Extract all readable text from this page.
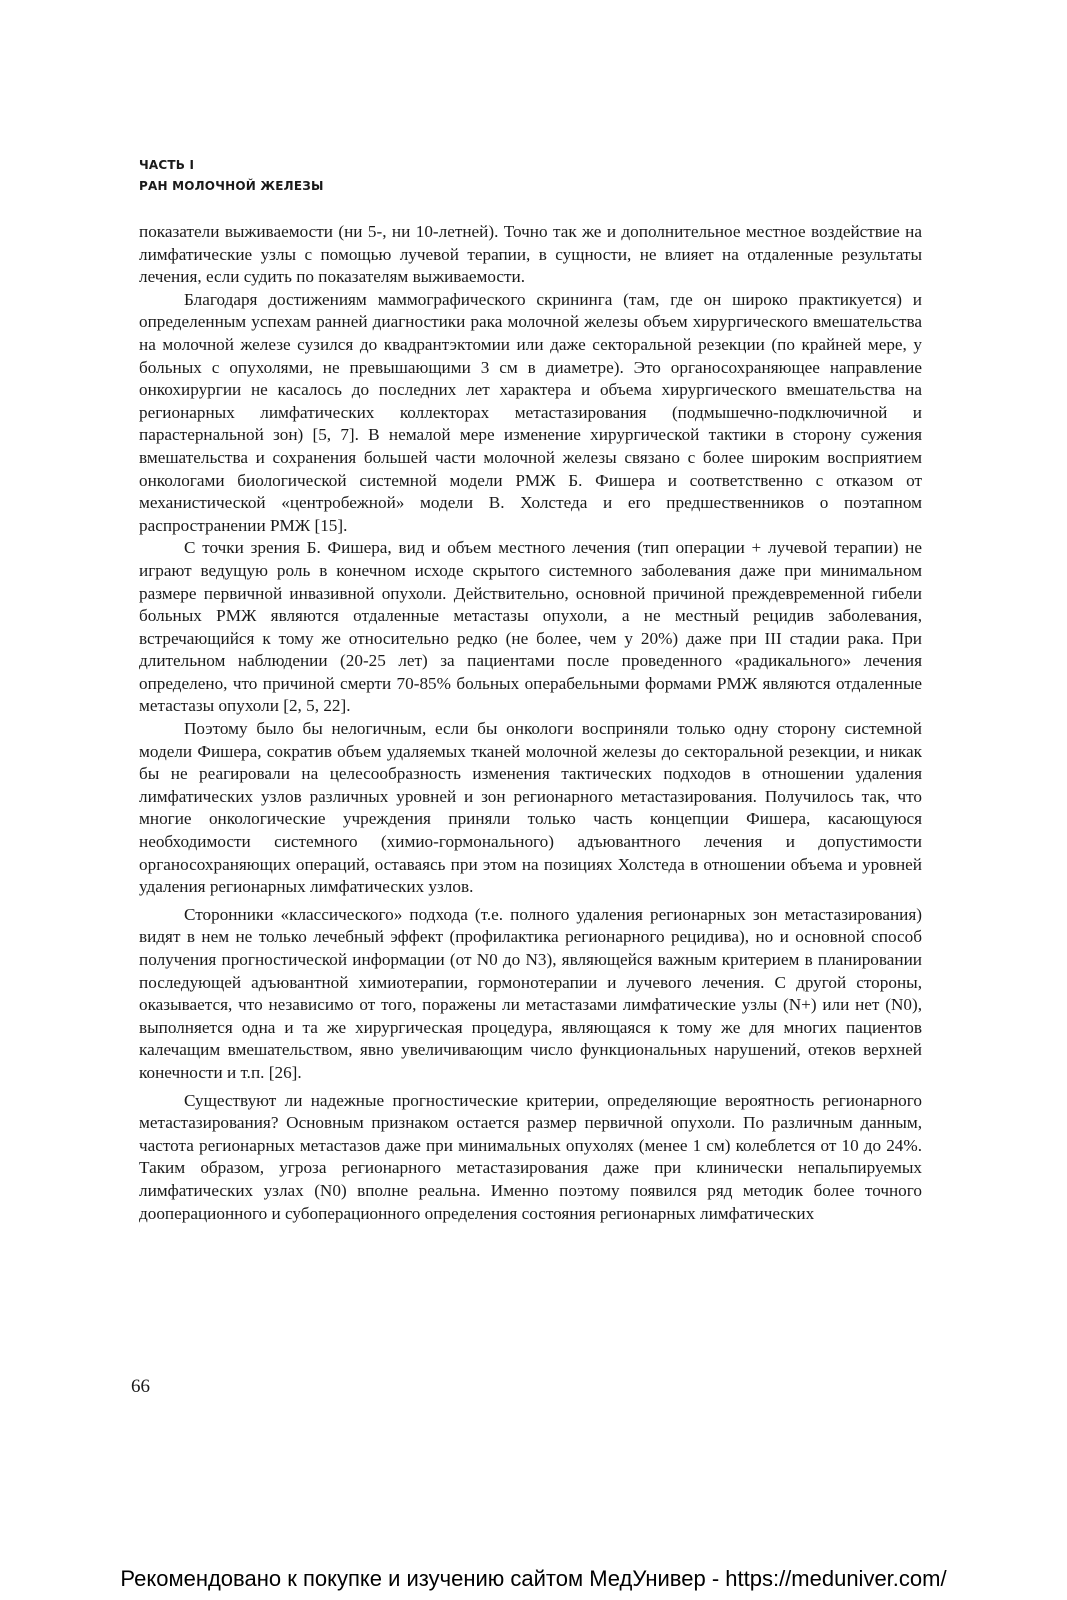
ЧАСТЬ I
РАН МОЛОЧНОЙ ЖЕЛЕЗЫ

показатели выживаемости (ни 5-, ни 10-летней). Точно так же и дополнительное местное воздействие на лимфатические узлы с помощью лучевой терапии, в сущности, не влияет на отдаленные результаты лечения, если судить по показателям выживаемости.

Благодаря достижениям маммографического скрининга (там, где он широко практикуется) и определенным успехам ранней диагностики рака молочной железы объем хирургического вмешательства на молочной железе сузился до квадрантэктомии или даже секторальной резекции (по крайней мере, у больных с опухолями, не превышающими 3 см в диаметре). Это органосохраняющее направление онкохирургии не касалось до последних лет характера и объема хирургического вмешательства на регионарных лимфатических коллекторах метастазирования (подмышечно-подключичной и парастернальной зон) [5, 7]. В немалой мере изменение хирургической тактики в сторону сужения вмешательства и сохранения большей части молочной железы связано с более широким восприятием онкологами биологической системной модели РМЖ Б. Фишера и соответственно с отказом от механистической «центробежной» модели В. Холстеда и его предшественников о поэтапном распространении РМЖ [15].

С точки зрения Б. Фишера, вид и объем местного лечения (тип операции + лучевой терапии) не играют ведущую роль в конечном исходе скрытого системного заболевания даже при минимальном размере первичной инвазивной опухоли. Действительно, основной причиной преждевременной гибели больных РМЖ являются отдаленные метастазы опухоли, а не местный рецидив заболевания, встречающийся к тому же относительно редко (не более, чем у 20%) даже при III стадии рака. При длительном наблюдении (20-25 лет) за пациентами после проведенного «радикального» лечения определено, что причиной смерти 70-85% больных операбельными формами РМЖ являются отдаленные метастазы опухоли [2, 5, 22].

Поэтому было бы нелогичным, если бы онкологи восприняли только одну сторону системной модели Фишера, сократив объем удаляемых тканей молочной железы до секторальной резекции, и никак бы не реагировали на целесообразность изменения тактических подходов в отношении удаления лимфатических узлов различных уровней и зон регионарного метастазирования. Получилось так, что многие онкологические учреждения приняли только часть концепции Фишера, касающуюся необходимости системного (химио-гормонального) адъювантного лечения и допустимости органосохраняющих операций, оставаясь при этом на позициях Холстеда в отношении объема и уровней удаления регионарных лимфатических узлов.

Сторонники «классического» подхода (т.е. полного удаления регионарных зон метастазирования) видят в нем не только лечебный эффект (профилактика регионарного рецидива), но и основной способ получения прогностической информации (от N0 до N3), являющейся важным критерием в планировании последующей адъювантной химиотерапии, гормонотерапии и лучевого лечения. С другой стороны, оказывается, что независимо от того, поражены ли метастазами лимфатические узлы (N+) или нет (N0), выполняется одна и та же хирургическая процедура, являющаяся к тому же для многих пациентов калечащим вмешательством, явно увеличивающим число функциональных нарушений, отеков верхней конечности и т.п. [26].

Существуют ли надежные прогностические критерии, определяющие вероятность регионарного метастазирования? Основным признаком остается размер первичной опухоли. По различным данным, частота регионарных метастазов даже при минимальных опухолях (менее 1 см) колеблется от 10 до 24%. Таким образом, угроза регионарного метастазирования даже при клинически непальпируемых лимфатических узлах (N0) вполне реальна. Именно поэтому появился ряд методик более точного дооперационного и субоперационного определения состояния регионарных лимфатических

66
Рекомендовано к покупке и изучению сайтом МедУнивер - https://meduniver.com/
